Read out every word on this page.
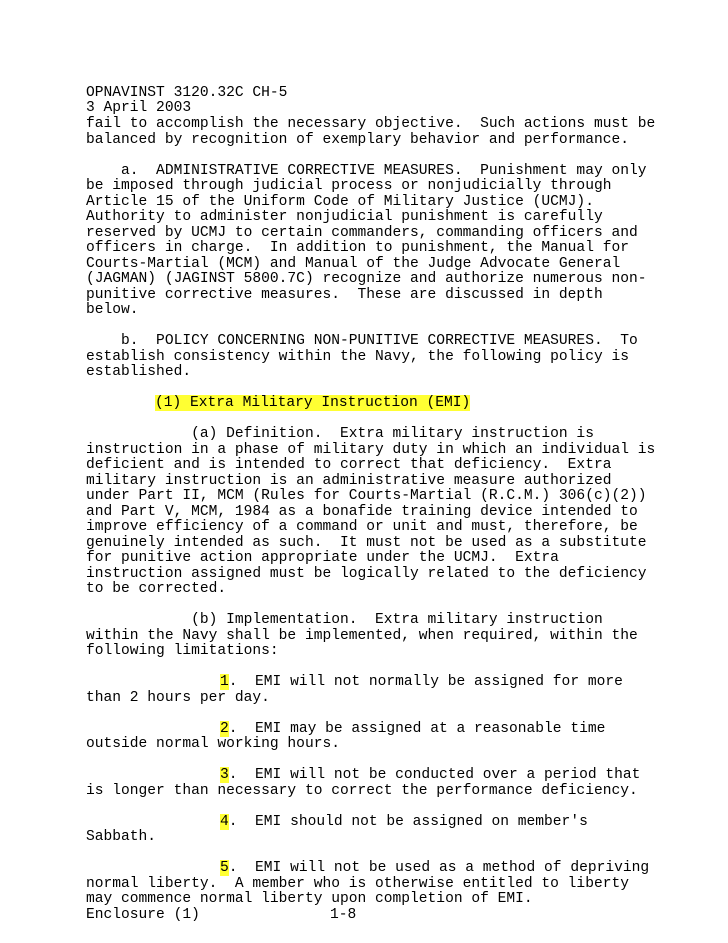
OPNAVINST 3120.32C CH-5
3 April 2003
fail to accomplish the necessary objective.  Such actions must be
balanced by recognition of exemplary behavior and performance.
a.  ADMINISTRATIVE CORRECTIVE MEASURES.  Punishment may only
be imposed through judicial process or nonjudicially through
Article 15 of the Uniform Code of Military Justice (UCMJ).
Authority to administer nonjudicial punishment is carefully
reserved by UCMJ to certain commanders, commanding officers and
officers in charge.  In addition to punishment, the Manual for
Courts-Martial (MCM) and Manual of the Judge Advocate General
(JAGMAN) (JAGINST 5800.7C) recognize and authorize numerous non-
punitive corrective measures.  These are discussed in depth
below.
b.  POLICY CONCERNING NON-PUNITIVE CORRECTIVE MEASURES.  To
establish consistency within the Navy, the following policy is
established.
(1) Extra Military Instruction (EMI)
(a) Definition.  Extra military instruction is
instruction in a phase of military duty in which an individual is
deficient and is intended to correct that deficiency.  Extra
military instruction is an administrative measure authorized
under Part II, MCM (Rules for Courts-Martial (R.C.M.) 306(c)(2))
and Part V, MCM, 1984 as a bonafide training device intended to
improve efficiency of a command or unit and must, therefore, be
genuinely intended as such.  It must not be used as a substitute
for punitive action appropriate under the UCMJ.  Extra
instruction assigned must be logically related to the deficiency
to be corrected.
(b) Implementation.  Extra military instruction
within the Navy shall be implemented, when required, within the
following limitations:
1.  EMI will not normally be assigned for more
than 2 hours per day.
2.  EMI may be assigned at a reasonable time
outside normal working hours.
3.  EMI will not be conducted over a period that
is longer than necessary to correct the performance deficiency.
4.  EMI should not be assigned on member's
Sabbath.
5.  EMI will not be used as a method of depriving
normal liberty.  A member who is otherwise entitled to liberty
may commence normal liberty upon completion of EMI.
Enclosure (1)	1-8
